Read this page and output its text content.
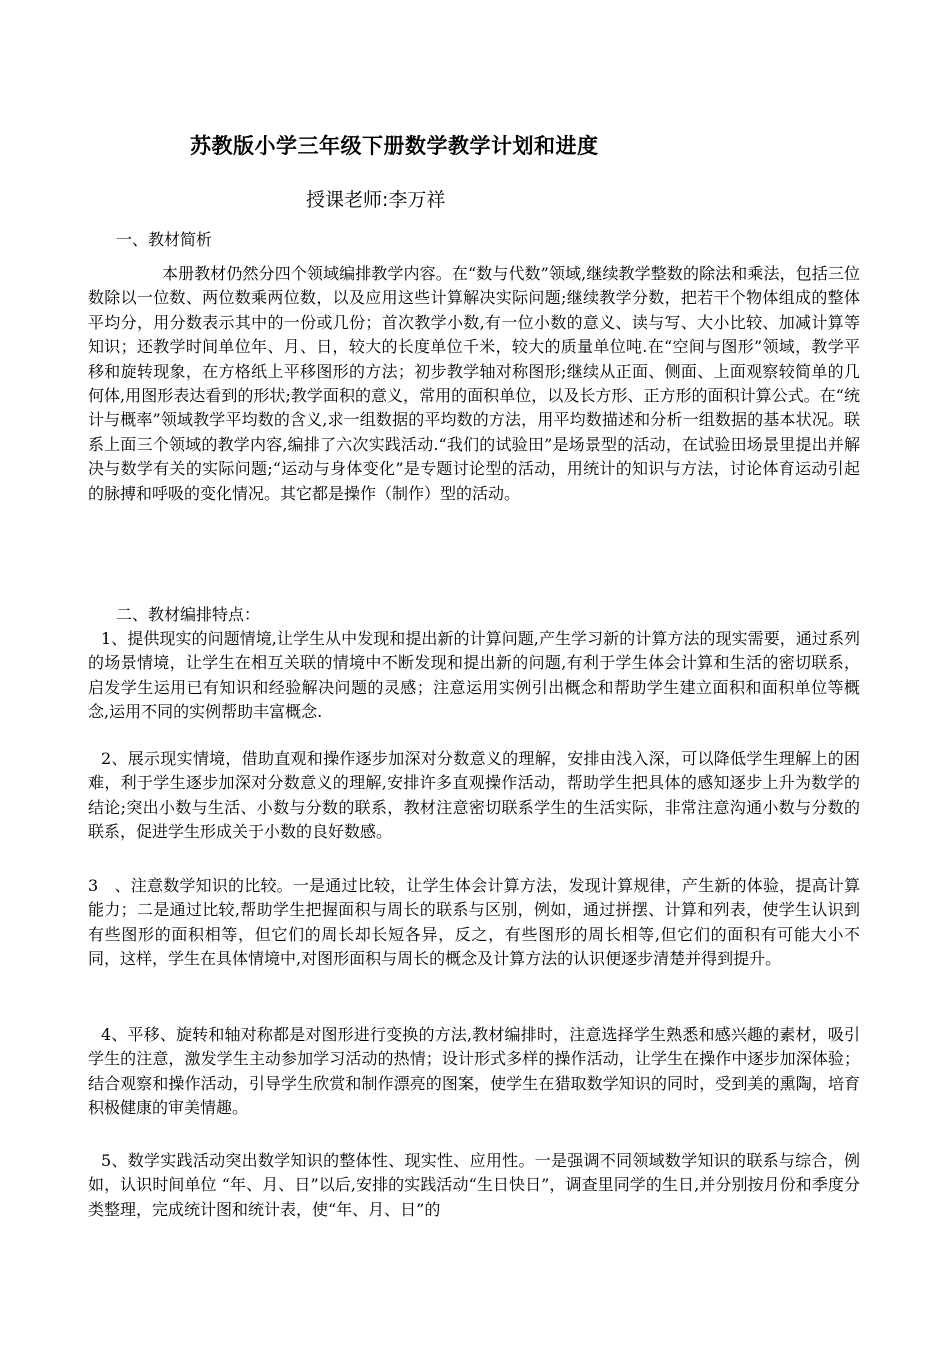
苏教版小学三年级下册数学教学计划和进度
授课老师:李万祥
一、教材简析

本册教材仍然分四个领域编排教学内容。在“数与代数”领域,继续教学整数的除法和乘法，包括三位数除以一位数、两位数乘两位数，以及应用这些计算解决实际问题;继续教学分数，把若干个物体组成的整体平均分，用分数表示其中的一份或几份；首次教学小数,有一位小数的意义、读与写、大小比较、加减计算等知识；还教学时间单位年、月、日，较大的长度单位千米，较大的质量单位吨.在“空间与图形”领域，教学平移和旋转现象，在方格纸上平移图形的方法；初步教学轴对称图形;继续从正面、侧面、上面观察较简单的几何体,用图形表达看到的形状;教学面积的意义，常用的面积单位，以及长方形、正方形的面积计算公式。在“统计与概率”领域教学平均数的含义,求一组数据的平均数的方法，用平均数描述和分析一组数据的基本状况。联系上面三个领域的教学内容,编排了六次实践活动.“我们的试验田”是场景型的活动，在试验田场景里提出并解决与数学有关的实际问题;“运动与身体变化”是专题讨论型的活动，用统计的知识与方法，讨论体育运动引起的脉搏和呼吸的变化情况。其它都是操作（制作）型的活动。

二、教材编排特点：

1、提供现实的问题情境,让学生从中发现和提出新的计算问题,产生学习新的计算方法的现实需要，通过系列的场景情境，让学生在相互关联的情境中不断发现和提出新的问题,有利于学生体会计算和生活的密切联系，启发学生运用已有知识和经验解决问题的灵感；注意运用实例引出概念和帮助学生建立面积和面积单位等概念,运用不同的实例帮助丰富概念.

2、展示现实情境，借助直观和操作逐步加深对分数意义的理解，安排由浅入深，可以降低学生理解上的困难，利于学生逐步加深对分数意义的理解,安排许多直观操作活动，帮助学生把具体的感知逐步上升为数学的结论;突出小数与生活、小数与分数的联系，教材注意密切联系学生的生活实际，非常注意沟通小数与分数的联系，促进学生形成关于小数的良好数感。

3　、注意数学知识的比较。一是通过比较，让学生体会计算方法，发现计算规律，产生新的体验，提高计算能力；二是通过比较,帮助学生把握面积与周长的联系与区别，例如，通过拼摆、计算和列表，使学生认识到有些图形的面积相等，但它们的周长却长短各异，反之，有些图形的周长相等,但它们的面积有可能大小不同，这样，学生在具体情境中,对图形面积与周长的概念及计算方法的认识便逐步清楚并得到提升。

4、平移、旋转和轴对称都是对图形进行变换的方法,教材编排时，注意选择学生熟悉和感兴趣的素材，吸引学生的注意，激发学生主动参加学习活动的热情；设计形式多样的操作活动，让学生在操作中逐步加深体验；结合观察和操作活动，引导学生欣赏和制作漂亮的图案，使学生在猎取数学知识的同时，受到美的熏陶，培育积极健康的审美情趣。

5、数学实践活动突出数学知识的整体性、现实性、应用性。一是强调不同领域数学知识的联系与综合，例如，认识时间单位 “年、月、日”以后,安排的实践活动“生日快日”，调查里同学的生日,并分别按月份和季度分类整理，完成统计图和统计表，使“年、月、日”的
